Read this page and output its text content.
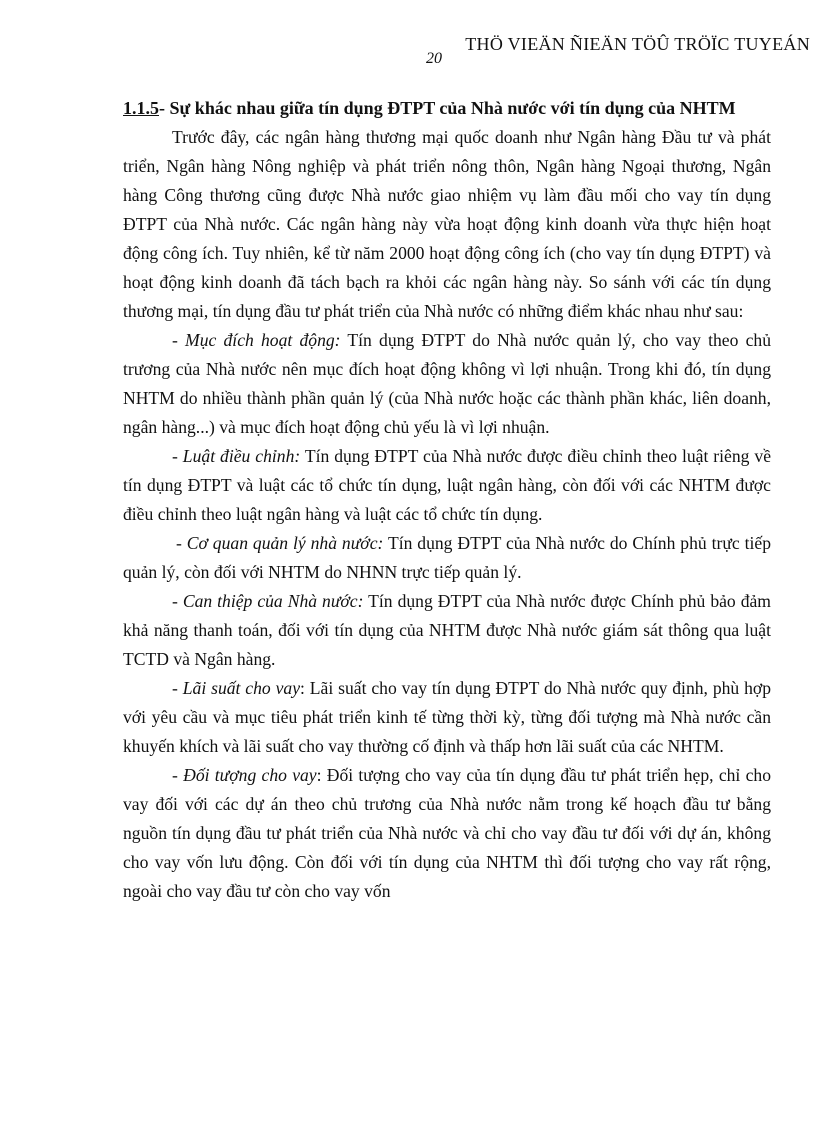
THÖ VIEÄN ÑIEÄN TÖÛ TRÖÏC TUYEÁN
20
1.1.5- Sự khác nhau giữa tín dụng ĐTPT của Nhà nước với tín dụng của NHTM

Trước đây, các ngân hàng thương mại quốc doanh như Ngân hàng Đầu tư và phát triển, Ngân hàng Nông nghiệp và phát triển nông thôn, Ngân hàng Ngoại thương, Ngân hàng Công thương cũng được Nhà nước giao nhiệm vụ làm đầu mối cho vay tín dụng ĐTPT của Nhà nước. Các ngân hàng này vừa hoạt động kinh doanh vừa thực hiện hoạt động công ích. Tuy nhiên, kể từ năm 2000 hoạt động công ích (cho vay tín dụng ĐTPT) và hoạt động kinh doanh đã tách bạch ra khỏi các ngân hàng này. So sánh với các tín dụng thương mại, tín dụng đầu tư phát triển của Nhà nước có những điểm khác nhau như sau:

- Mục đích hoạt động: Tín dụng ĐTPT do Nhà nước quản lý, cho vay theo chủ trương của Nhà nước nên mục đích hoạt động không vì lợi nhuận. Trong khi đó, tín dụng NHTM do nhiều thành phần quản lý (của Nhà nước hoặc các thành phần khác, liên doanh, ngân hàng...) và mục đích hoạt động chủ yếu là vì lợi nhuận.

- Luật điều chỉnh: Tín dụng ĐTPT của Nhà nước được điều chỉnh theo luật riêng về tín dụng ĐTPT và luật các tổ chức tín dụng, luật ngân hàng, còn đối với các NHTM được điều chỉnh theo luật ngân hàng và luật các tổ chức tín dụng.

- Cơ quan quản lý nhà nước: Tín dụng ĐTPT của Nhà nước do Chính phủ trực tiếp quản lý, còn đối với NHTM do NHNN trực tiếp quản lý.

- Can thiệp của Nhà nước: Tín dụng ĐTPT của Nhà nước được Chính phủ bảo đảm khả năng thanh toán, đối với tín dụng của NHTM được Nhà nước giám sát thông qua luật TCTD và Ngân hàng.

- Lãi suất cho vay: Lãi suất cho vay tín dụng ĐTPT do Nhà nước quy định, phù hợp với yêu cầu và mục tiêu phát triển kinh tế từng thời kỳ, từng đối tượng mà Nhà nước cần khuyến khích và lãi suất cho vay thường cố định và thấp hơn lãi suất của các NHTM.

- Đối tượng cho vay: Đối tượng cho vay của tín dụng đầu tư phát triển hẹp, chỉ cho vay đối với các dự án theo chủ trương của Nhà nước nằm trong kế hoạch đầu tư bằng nguồn tín dụng đầu tư phát triển của Nhà nước và chỉ cho vay đầu tư đối với dự án, không cho vay vốn lưu động. Còn đối với tín dụng của NHTM thì đối tượng cho vay rất rộng, ngoài cho vay đầu tư còn cho vay vốn
